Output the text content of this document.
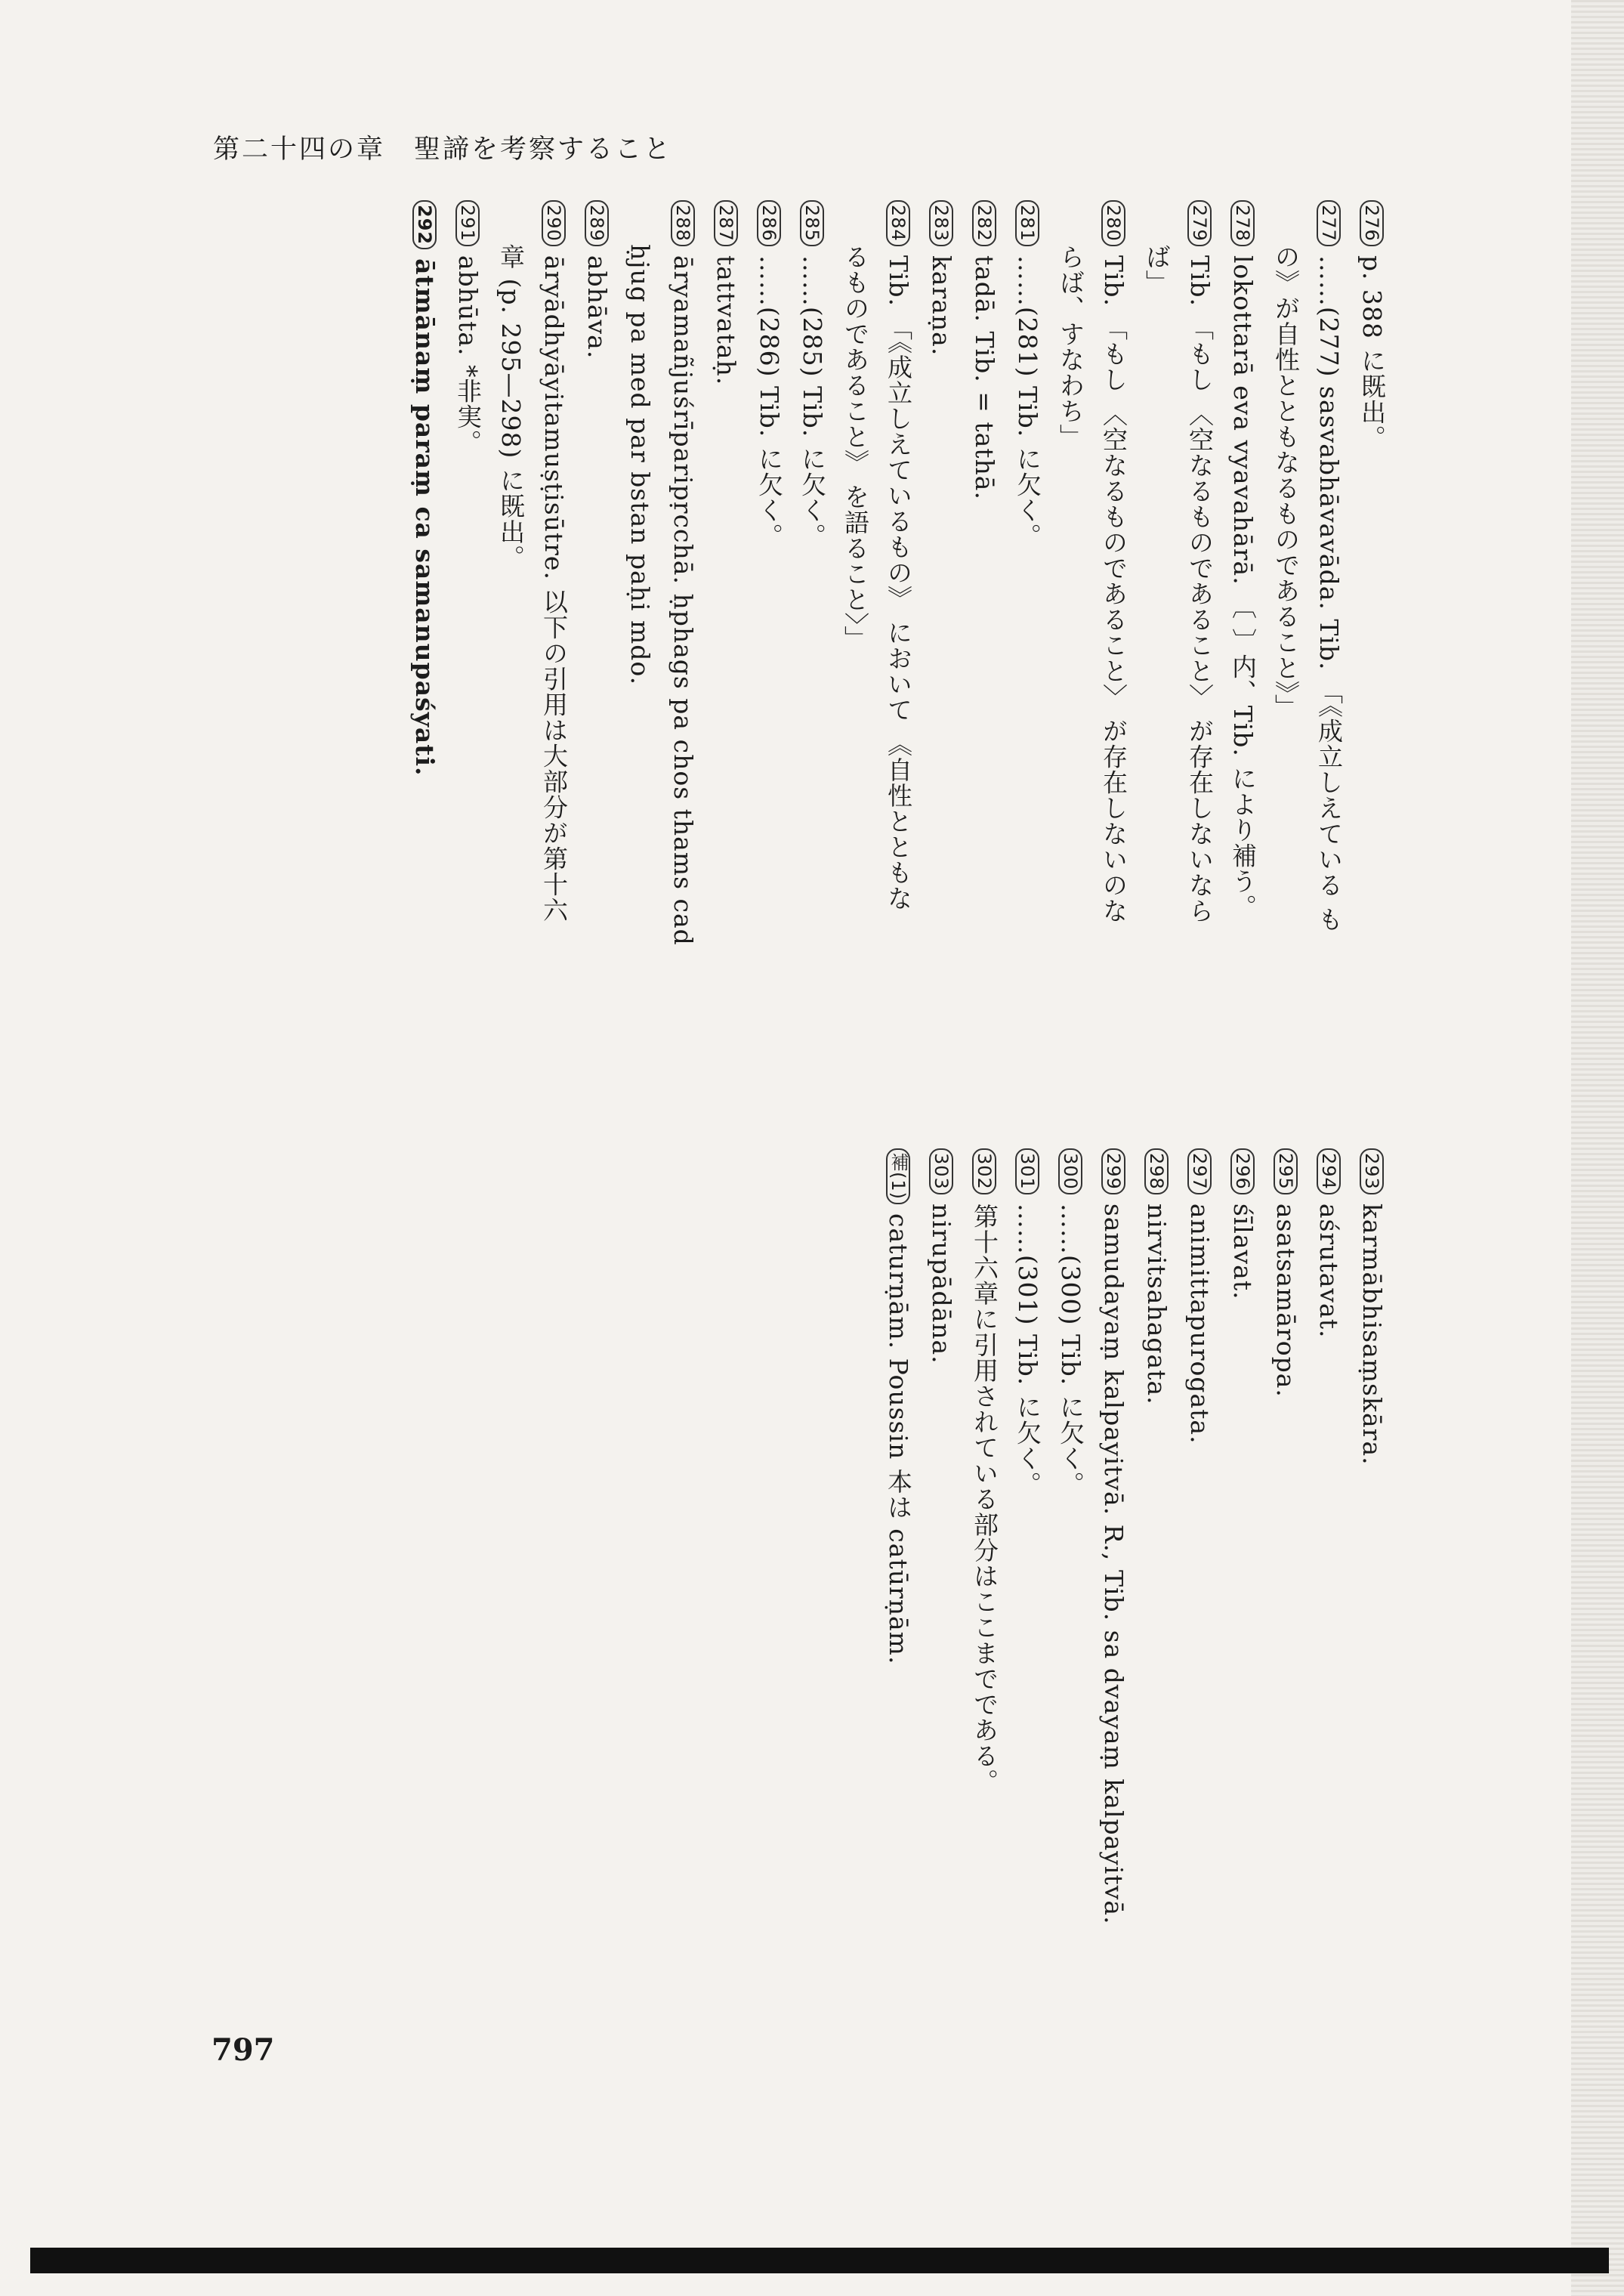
第二十四の章　聖諦を考察すること
276p. 388 に既出。
277……(277) sasvabhāvavāda. Tib. 「《成立しえている も
の》が自性とともなるものであること》」
278lokottarā eva vyavahārā. 〔 〕内、Tib. により補う。
279Tib. 「もし 〈空なるものであること〉 が存在しないなら
ば」
280Tib. 「もし 〈空なるものであること〉 が存在しないのな
らば、すなわち」
281……(281) Tib. に欠く。
282tadā. Tib. = tathā.
283karaṇa.
284Tib. 「《成立しえているもの》 において 《自性とともな
るものであること》 を語ること〉」
285……(285) Tib. に欠く。
286……(286) Tib. に欠く。
287tattvataḥ.
288āryamañjuśrīparipṛcchā. ḥphags pa chos thams cad
ḥjug pa med par bstan paḥi mdo.
289abhāva.
290āryādhyāyitamuṣṭisūtre. 以下の引用は大部分が第十六
章 (p. 295—298) に既出。
291abhūta. *非実。
292ātmānaṃ paraṃ ca samanupaśyati.
293karmābhisaṃskāra.
294aśrutavat.
295asatsamāropa.
296śīlavat.
297animittapurogata.
298nirvitsahagata.
299samudayaṃ kalpayitvā. R., Tib. sa dvayaṃ kalpayitvā.
300……(300) Tib. に欠く。
301……(301) Tib. に欠く。
302第十六章に引用されている部分はここまでである。
303nirupādāna.
補(1)caturṇām. Poussin 本は catūrṇām.
797
